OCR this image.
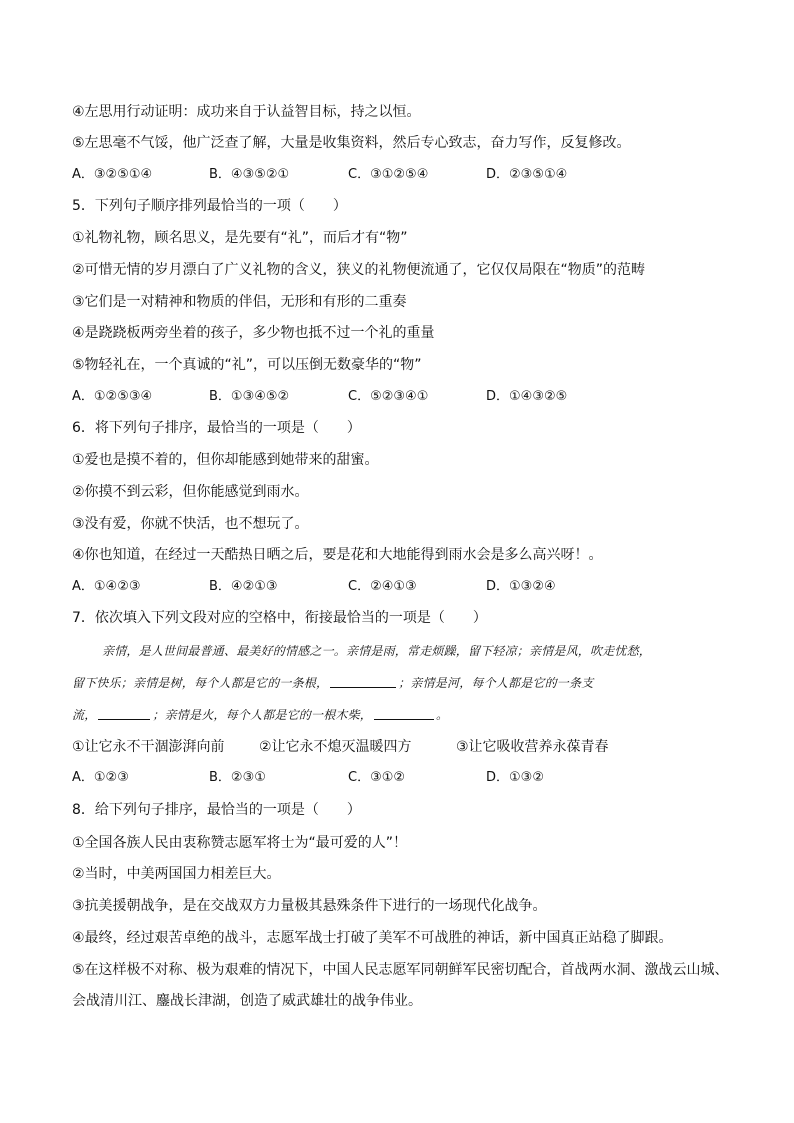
④左思用行动证明：成功来自于认益智目标，持之以恒。
⑤左思毫不气馁，他广泛查了解，大量是收集资料，然后专心致志，奋力写作，反复修改。
A．③②⑤①④	B．④③⑤②①	C．③①②⑤④	D．②③⑤①④
5．下列句子顺序排列最恰当的一项（　　）
①礼物礼物，顾名思义，是先要有“礼”，而后才有“物”
②可惜无情的岁月漂白了广义礼物的含义，狭义的礼物便流通了，它仅仅局限在“物质”的范畴
③它们是一对精神和物质的伴侣，无形和有形的二重奏
④是跷跷板两旁坐着的孩子，多少物也抵不过一个礼的重量
⑤物轻礼在，一个真诚的“礼”，可以压倒无数豪华的“物”
A．①②⑤③④	B．①③④⑤②	C．⑤②③④①	D．①④③②⑤
6．将下列句子排序，最恰当的一项是（　　）
①爱也是摸不着的，但你却能感到她带来的甜蜜。
②你摸不到云彩，但你能感觉到雨水。
③没有爱，你就不快活，也不想玩了。
④你也知道，在经过一天酷热日晒之后，要是花和大地能得到雨水会是多么高兴呀！。
A．①④②③	B．④②①③	C．②④①③	D．①③②④
7．依次填入下列文段对应的空格中，衔接最恰当的一项是（　　）
亲情，是人世间最普通、最美好的情感之一。亲情是雨，常走烦躁，留下轻凉；亲情是风，吹走忧愁，
留下快乐；亲情是树，每个人都是它的一条根，	；亲情是河，每个人都是它的一条支
流，	；亲情是火，每个人都是它的一根木柴，	。
①让它永不干涸澎湃向前 ②让它永不熄灭温暖四方	③让它吸收营养永葆青春
A．①②③	B．②③①	C．③①②	D．①③②
8．给下列句子排序，最恰当的一项是（　　）
①全国各族人民由衷称赞志愿军将士为“最可爱的人”！
②当时，中美两国国力相差巨大。
③抗美援朝战争，是在交战双方力量极其悬殊条件下进行的一场现代化战争。
④最终，经过艰苦卓绝的战斗，志愿军战士打破了美军不可战胜的神话，新中国真正站稳了脚跟。
⑤在这样极不对称、极为艰难的情况下，中国人民志愿军同朝鲜军民密切配合，首战两水洞、激战云山城、
会战清川江、鏖战长津湖，创造了威武雄壮的战争伟业。
